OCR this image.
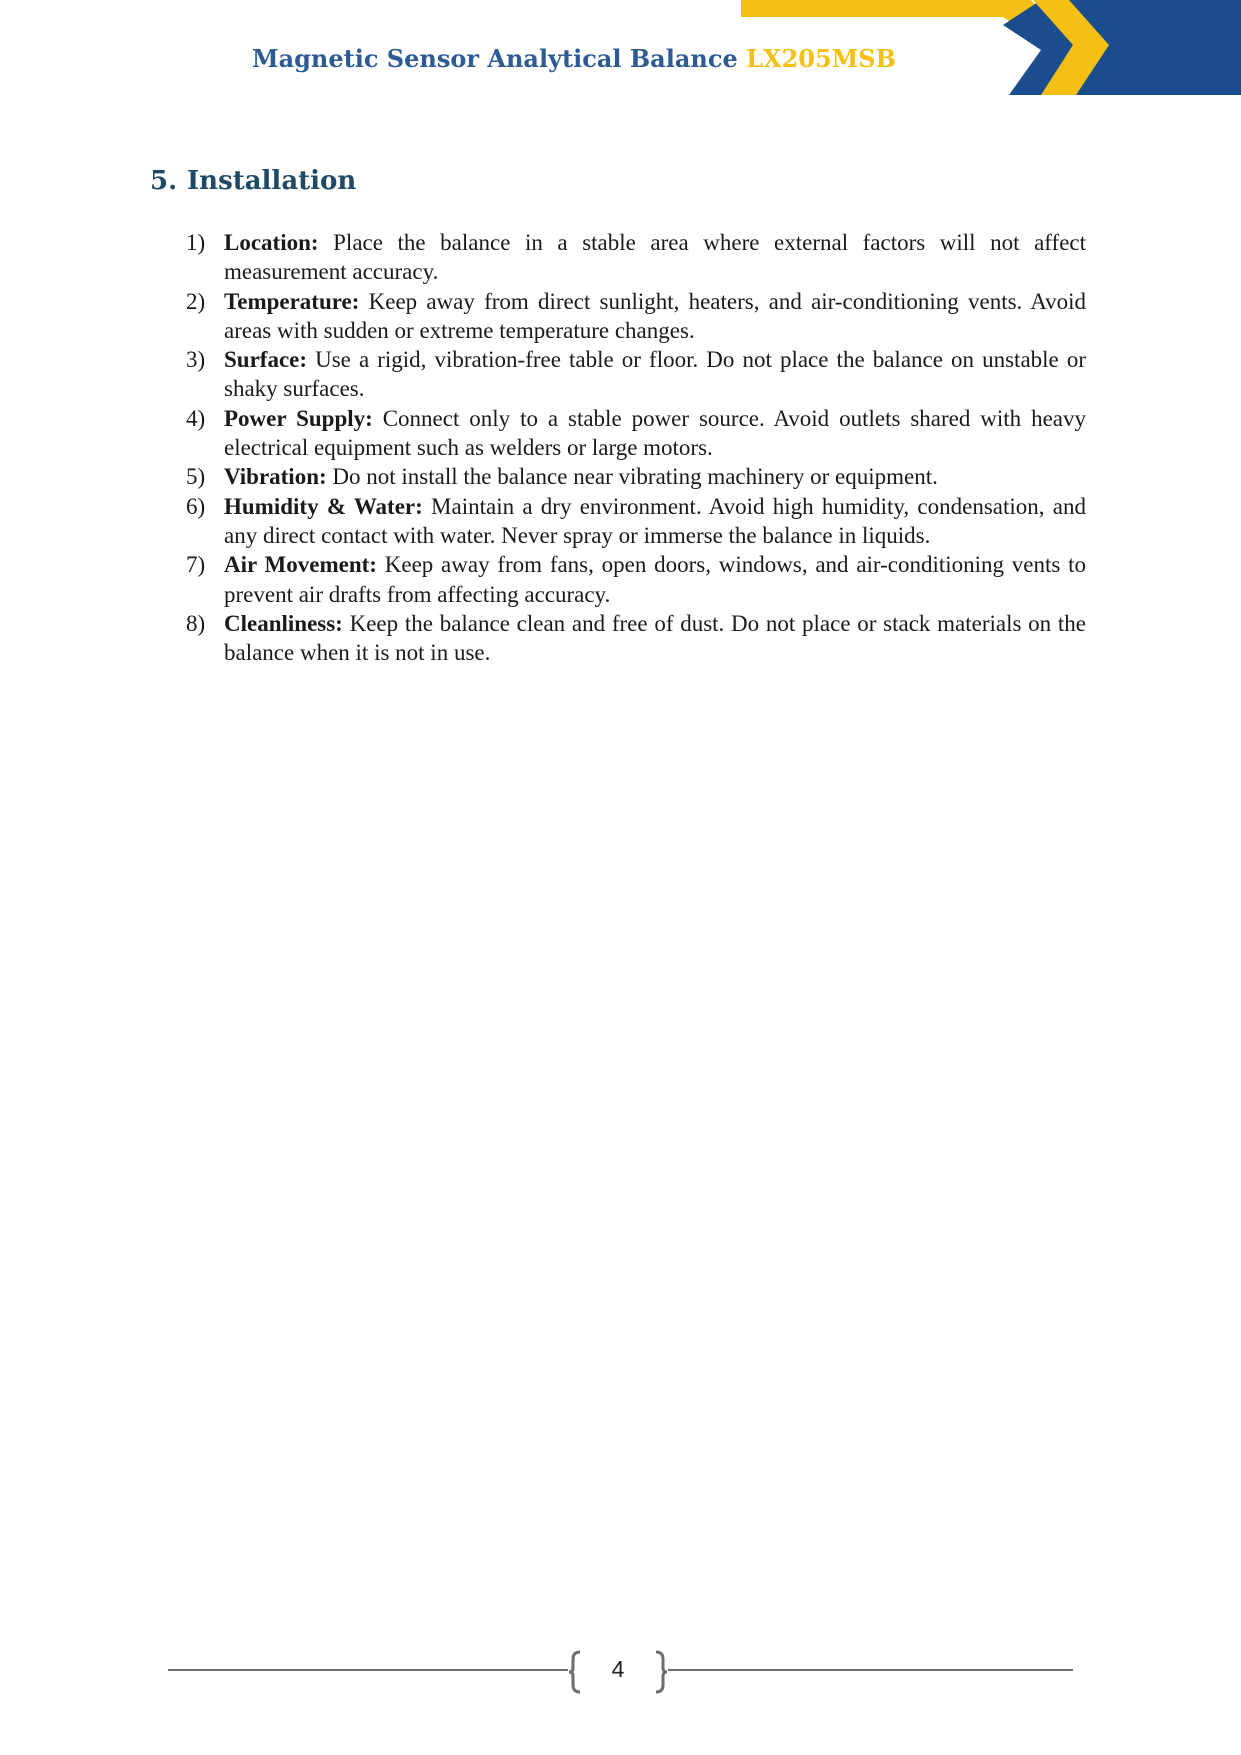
Magnetic Sensor Analytical Balance LX205MSB
5. Installation
1) Location: Place the balance in a stable area where external factors will not affect measurement accuracy.
2) Temperature: Keep away from direct sunlight, heaters, and air-conditioning vents. Avoid areas with sudden or extreme temperature changes.
3) Surface: Use a rigid, vibration-free table or floor. Do not place the balance on unstable or shaky surfaces.
4) Power Supply: Connect only to a stable power source. Avoid outlets shared with heavy electrical equipment such as welders or large motors.
5) Vibration: Do not install the balance near vibrating machinery or equipment.
6) Humidity & Water: Maintain a dry environment. Avoid high humidity, condensation, and any direct contact with water. Never spray or immerse the balance in liquids.
7) Air Movement: Keep away from fans, open doors, windows, and air-conditioning vents to prevent air drafts from affecting accuracy.
8) Cleanliness: Keep the balance clean and free of dust. Do not place or stack materials on the balance when it is not in use.
4
